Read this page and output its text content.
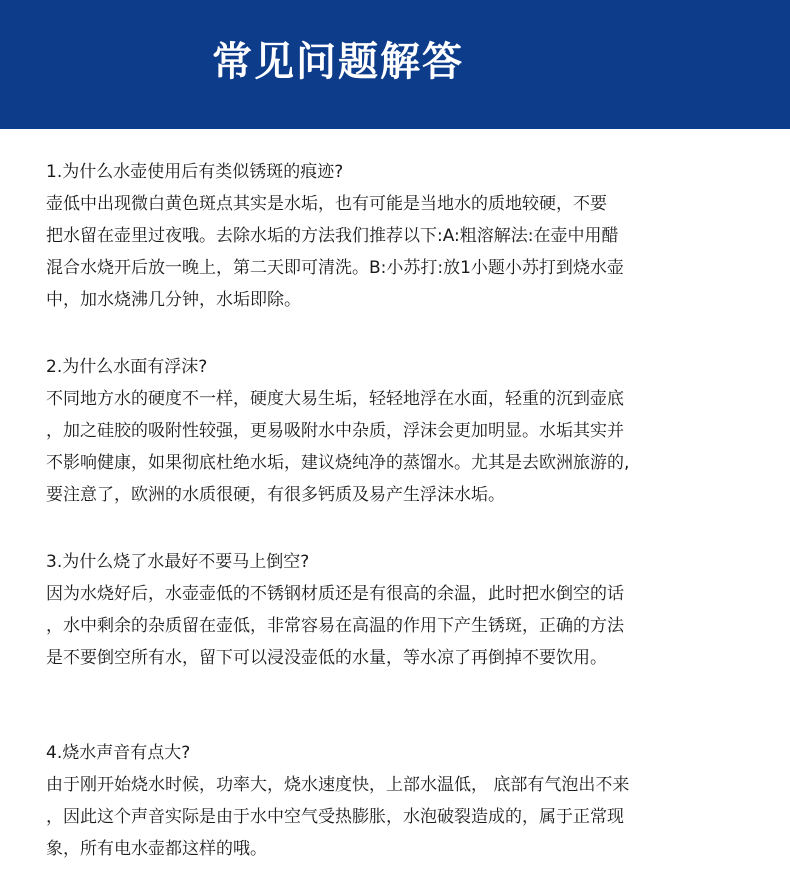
常见问题解答
1.为什么水壶使用后有类似锈斑的痕迹?
壶低中出现微白黄色斑点其实是水垢，也有可能是当地水的质地较硬，不要
把水留在壶里过夜哦。去除水垢的方法我们推荐以下:A:粗溶解法:在壶中用醋
混合水烧开后放一晚上，第二天即可清洗。B:小苏打:放1小题小苏打到烧水壶
中，加水烧沸几分钟，水垢即除。
2.为什么水面有浮沫?
不同地方水的硬度不一样，硬度大易生垢，轻轻地浮在水面，轻重的沉到壶底
，加之硅胶的吸附性较强，更易吸附水中杂质，浮沫会更加明显。水垢其实并
不影响健康，如果彻底杜绝水垢，建议烧纯净的蒸馏水。尤其是去欧洲旅游的,
要注意了，欧洲的水质很硬，有很多钙质及易产生浮沫水垢。
3.为什么烧了水最好不要马上倒空?
因为水烧好后，水壶壶低的不锈钢材质还是有很高的余温，此时把水倒空的话
，水中剩余的杂质留在壶低，非常容易在高温的作用下产生锈斑，正确的方法
是不要倒空所有水，留下可以浸没壶低的水量，等水凉了再倒掉不要饮用。
4.烧水声音有点大?
由于刚开始烧水时候，功率大，烧水速度快，上部水温低， 底部有气泡出不来
，因此这个声音实际是由于水中空气受热膨胀，水泡破裂造成的，属于正常现
象，所有电水壶都这样的哦。
